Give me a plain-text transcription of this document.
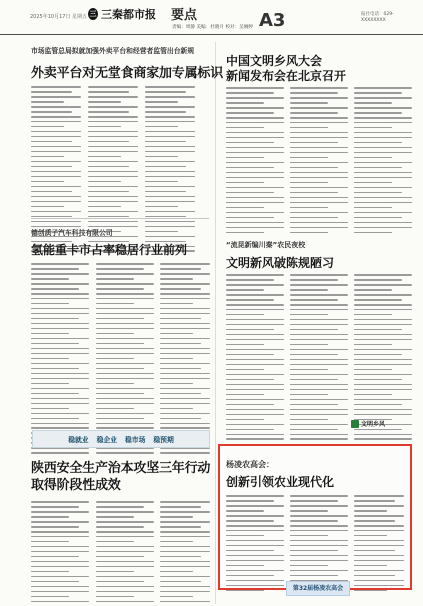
2025年10月17日 星期五 三 三秦都市报 要点
责编：周静 美编：杜晓月 校对：吴婉婷 A3	报社电话：029-XXXXXXXX
市场监管总局拟就加强外卖平台和经营者监管出台新规
外卖平台对无堂食商家加专属标识
中国文明乡风大会
新闻发布会在北京召开
德创质子汽车科技有限公司
氢能重卡市占率稳居行业前列	“流昆新编川秦”农民夜校
文明新风破陈规陋习
稳就业 稳企业 稳市场 稳预期
陕西安全生产治本攻坚三年行动
取得阶段性成效
文明乡风
杨凌农高会：
创新引领农业现代化
第32届杨凌农高会
